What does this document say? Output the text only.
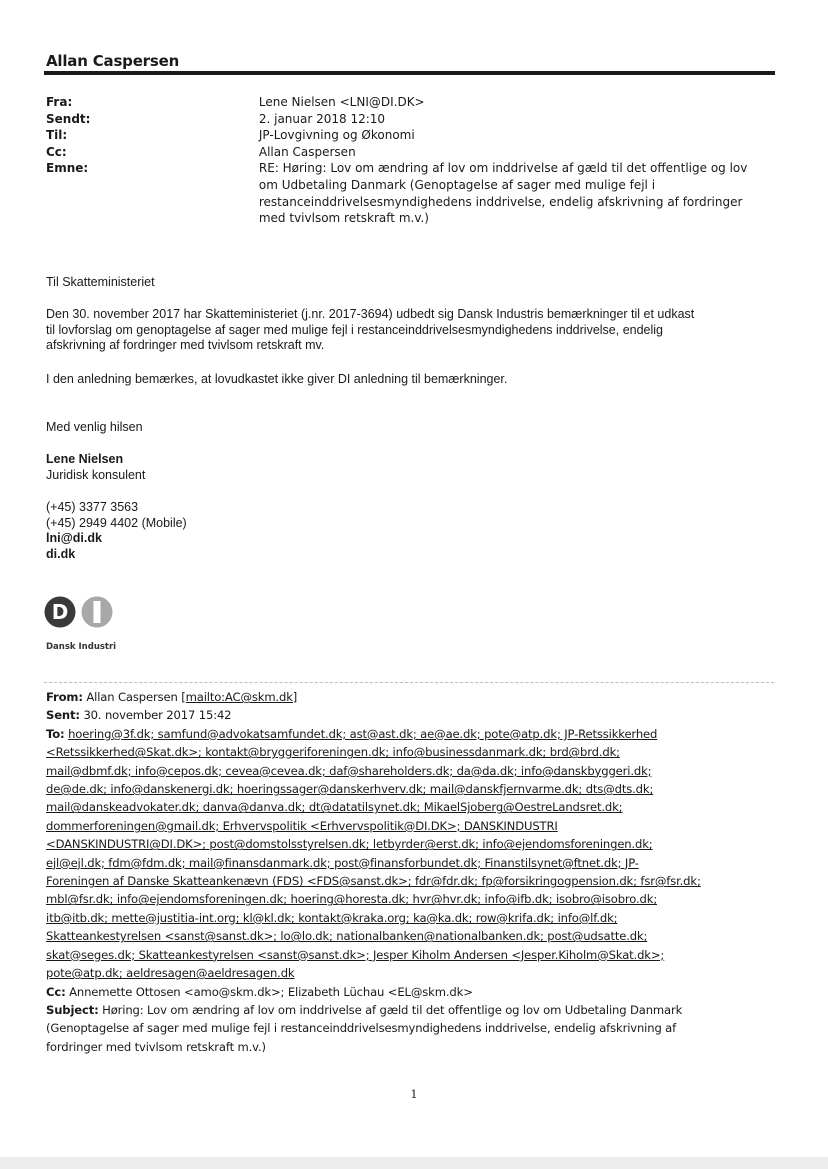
Allan Caspersen
Fra:	Lene Nielsen <LNI@DI.DK>
Sendt:	2. januar 2018 12:10
Til:	JP-Lovgivning og Økonomi
Cc:	Allan Caspersen
Emne:	RE: Høring: Lov om ændring af lov om inddrivelse af gæld til det offentlige og lov
om Udbetaling Danmark (Genoptagelse af sager med mulige fejl i
restanceinddrivelsesmyndighedens inddrivelse, endelig afskrivning af fordringer
med tvivlsom retskraft m.v.)
Til Skatteministeriet
Den 30. november 2017 har Skatteministeriet (j.nr. 2017-3694) udbedt sig Dansk Industris bemærkninger til et udkast
til lovforslag om genoptagelse af sager med mulige fejl i restanceinddrivelsesmyndighedens inddrivelse, endelig
afskrivning af fordringer med tvivlsom retskraft mv.
I den anledning bemærkes, at lovudkastet ikke giver DI anledning til bemærkninger.
Med venlig hilsen
Lene Nielsen
Juridisk konsulent
(+45) 3377 3563
(+45) 2949 4402 (Mobile)
lni@di.dk
di.dk
D
Dansk Industri
From: Allan Caspersen [mailto:AC@skm.dk]
Sent: 30. november 2017 15:42
To: hoering@3f.dk; samfund@advokatsamfundet.dk; ast@ast.dk; ae@ae.dk; pote@atp.dk; JP-Retssikkerhed
<Retssikkerhed@Skat.dk>; kontakt@bryggeriforeningen.dk; info@businessdanmark.dk; brd@brd.dk;
mail@dbmf.dk; info@cepos.dk; cevea@cevea.dk; daf@shareholders.dk; da@da.dk; info@danskbyggeri.dk;
de@de.dk; info@danskenergi.dk; hoeringssager@danskerhverv.dk; mail@danskfjernvarme.dk; dts@dts.dk;
mail@danskeadvokater.dk; danva@danva.dk; dt@datatilsynet.dk; MikaelSjoberg@OestreLandsret.dk;
dommerforeningen@gmail.dk; Erhvervspolitik <Erhvervspolitik@DI.DK>; DANSKINDUSTRI
<DANSKINDUSTRI@DI.DK>; post@domstolsstyrelsen.dk; letbyrder@erst.dk; info@ejendomsforeningen.dk;
ejl@ejl.dk; fdm@fdm.dk; mail@finansdanmark.dk; post@finansforbundet.dk; Finanstilsynet@ftnet.dk; JP-
Foreningen af Danske Skatteankenævn (FDS) <FDS@sanst.dk>; fdr@fdr.dk; fp@forsikringogpension.dk; fsr@fsr.dk;
mbl@fsr.dk; info@ejendomsforeningen.dk; hoering@horesta.dk; hvr@hvr.dk; info@ifb.dk; isobro@isobro.dk;
itb@itb.dk; mette@justitia-int.org; kl@kl.dk; kontakt@kraka.org; ka@ka.dk; row@krifa.dk; info@lf.dk;
Skatteankestyrelsen <sanst@sanst.dk>; lo@lo.dk; nationalbanken@nationalbanken.dk; post@udsatte.dk;
skat@seges.dk; Skatteankestyrelsen <sanst@sanst.dk>; Jesper Kiholm Andersen <Jesper.Kiholm@Skat.dk>;
pote@atp.dk; aeldresagen@aeldresagen.dk
Cc: Annemette Ottosen <amo@skm.dk>; Elizabeth Lüchau <EL@skm.dk>
Subject: Høring: Lov om ændring af lov om inddrivelse af gæld til det offentlige og lov om Udbetaling Danmark
(Genoptagelse af sager med mulige fejl i restanceinddrivelsesmyndighedens inddrivelse, endelig afskrivning af
fordringer med tvivlsom retskraft m.v.)
1
